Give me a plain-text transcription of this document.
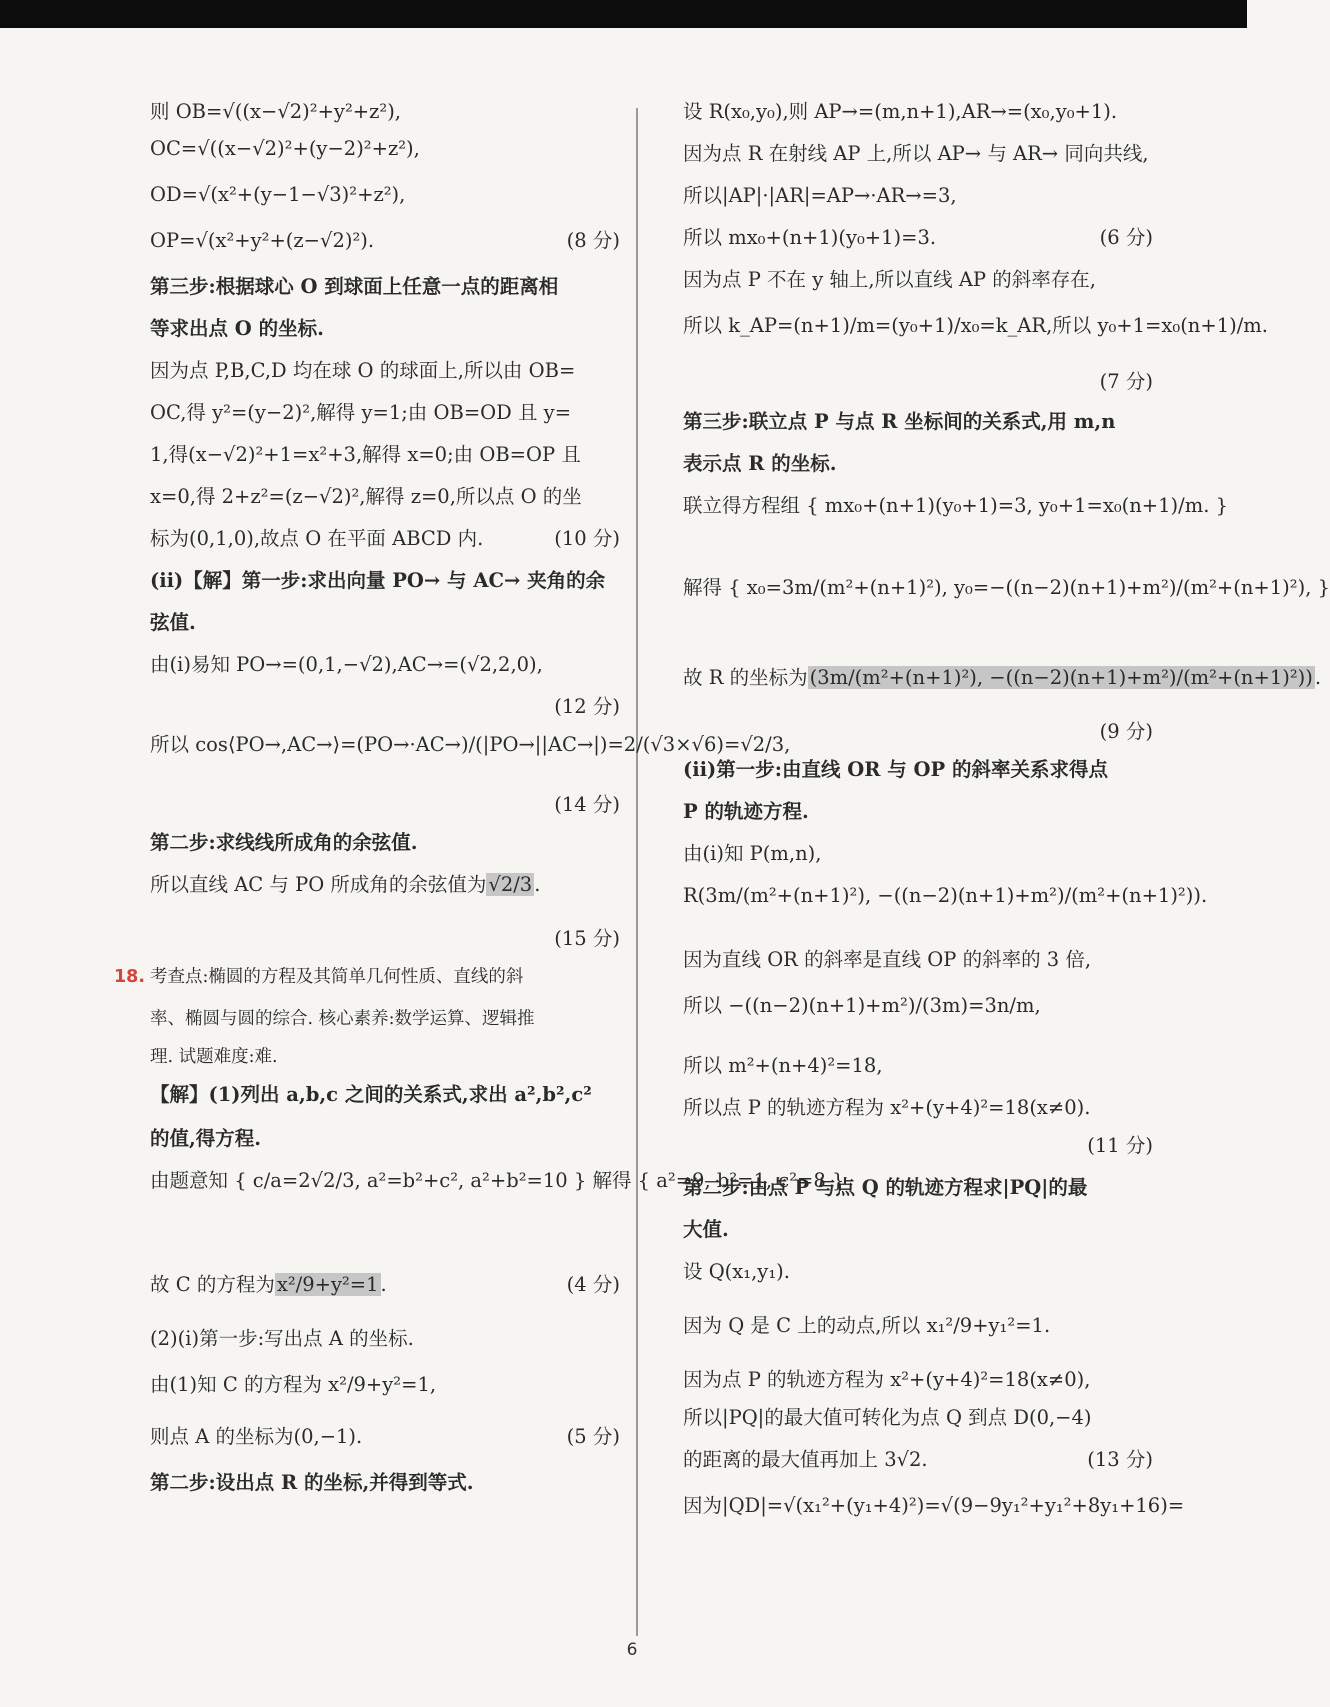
则 OB=√((x−√2)²+y²+z²),
OC=√((x−√2)²+(y−2)²+z²),
OD=√(x²+(y−1−√3)²+z²),
OP=√(x²+y²+(z−√2)²).	(8 分)
第三步:根据球心 O 到球面上任意一点的距离相
等求出点 O 的坐标.
因为点 P,B,C,D 均在球 O 的球面上,所以由 OB=
OC,得 y²=(y−2)²,解得 y=1;由 OB=OD 且 y=
1,得(x−√2)²+1=x²+3,解得 x=0;由 OB=OP 且
x=0,得 2+z²=(z−√2)²,解得 z=0,所以点 O 的坐
标为(0,1,0),故点 O 在平面 ABCD 内.	(10 分)
(ⅱ)【解】第一步:求出向量 PO→ 与 AC→ 夹角的余
弦值.
由(ⅰ)易知 PO→=(0,1,−√2),AC→=(√2,2,0),
(12 分)
所以 cos⟨PO→,AC→⟩=(PO→·AC→)/(|PO→||AC→|)=2/(√3×√6)=√2/3,
(14 分)
第二步:求线线所成角的余弦值.
所以直线 AC 与 PO 所成角的余弦值为 √2/3 .
(15 分)
18. 考查点:椭圆的方程及其简单几何性质、直线的斜
率、椭圆与圆的综合. 核心素养:数学运算、逻辑推
理. 试题难度:难.
【解】(1)列出 a,b,c 之间的关系式,求出 a²,b²,c²
的值,得方程.
由题意知 { c/a=2√2/3, a²=b²+c², a²+b²=10 } 解得 { a²=9, b²=1, c²=8 }
故 C 的方程为 x²/9+y²=1 .	(4 分)
(2)(ⅰ)第一步:写出点 A 的坐标.
由(1)知 C 的方程为 x²/9+y²=1,
则点 A 的坐标为(0,−1).	(5 分)
第二步:设出点 R 的坐标,并得到等式.
设 R(x₀,y₀),则 AP→=(m,n+1),AR→=(x₀,y₀+1).
因为点 R 在射线 AP 上,所以 AP→ 与 AR→ 同向共线,
所以|AP|·|AR|=AP→·AR→=3,
所以 mx₀+(n+1)(y₀+1)=3.	(6 分)
因为点 P 不在 y 轴上,所以直线 AP 的斜率存在,
所以 k_AP=(n+1)/m=(y₀+1)/x₀=k_AR,所以 y₀+1=x₀(n+1)/m.
(7 分)
第三步:联立点 P 与点 R 坐标间的关系式,用 m,n
表示点 R 的坐标.
联立得方程组 { mx₀+(n+1)(y₀+1)=3, y₀+1=x₀(n+1)/m. }
解得 { x₀=3m/(m²+(n+1)²), y₀=−((n−2)(n+1)+m²)/(m²+(n+1)²), }
故 R 的坐标为 (3m/(m²+(n+1)²), −((n−2)(n+1)+m²)/(m²+(n+1)²)) .
(9 分)
(ⅱ)第一步:由直线 OR 与 OP 的斜率关系求得点
P 的轨迹方程.
由(ⅰ)知 P(m,n),
R(3m/(m²+(n+1)²), −((n−2)(n+1)+m²)/(m²+(n+1)²)).
因为直线 OR 的斜率是直线 OP 的斜率的 3 倍,
所以 −((n−2)(n+1)+m²)/(3m)=3n/m,
所以 m²+(n+4)²=18,
所以点 P 的轨迹方程为 x²+(y+4)²=18(x≠0).
(11 分)
第二步:由点 P 与点 Q 的轨迹方程求|PQ|的最
大值.
设 Q(x₁,y₁).
因为 Q 是 C 上的动点,所以 x₁²/9+y₁²=1.
因为点 P 的轨迹方程为 x²+(y+4)²=18(x≠0),
所以|PQ|的最大值可转化为点 Q 到点 D(0,−4)
的距离的最大值再加上 3√2.	(13 分)
因为|QD|=√(x₁²+(y₁+4)²)=√(9−9y₁²+y₁²+8y₁+16)=
6
